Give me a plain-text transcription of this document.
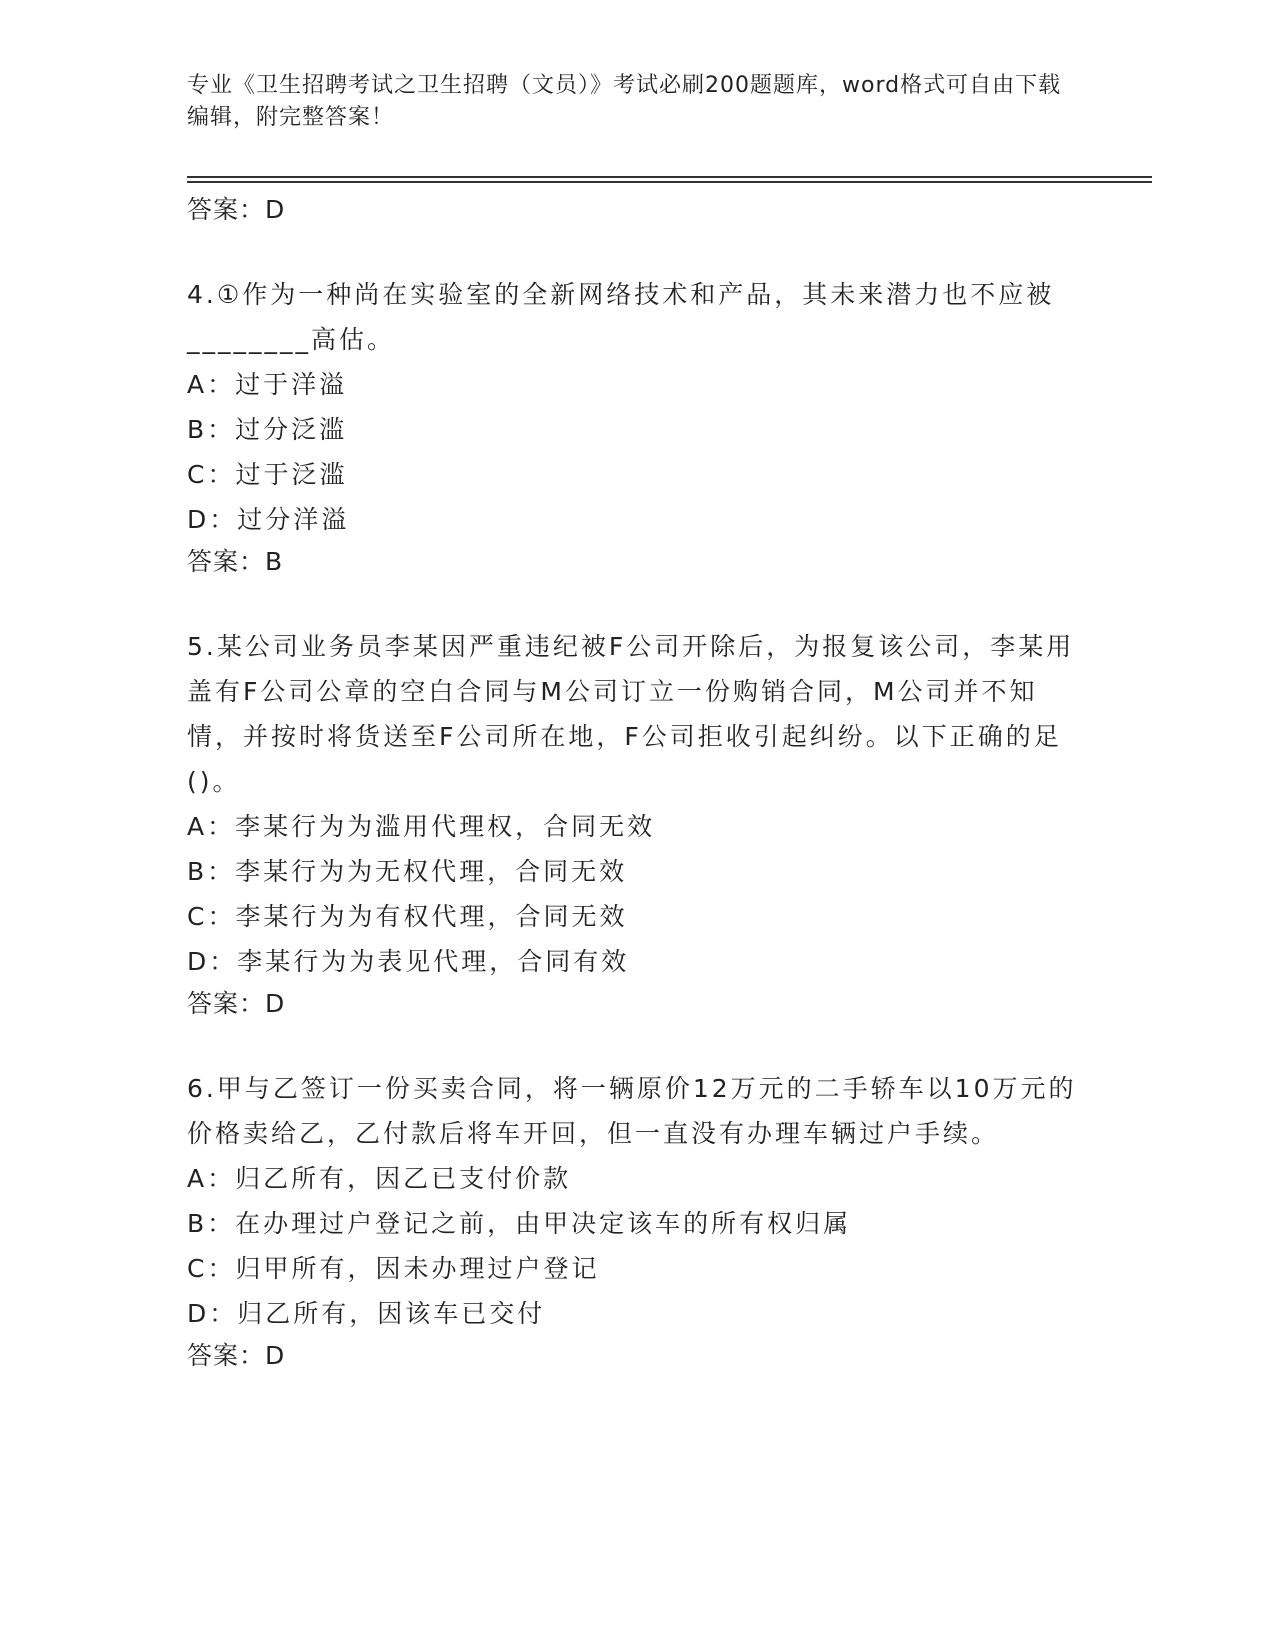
专业《卫生招聘考试之卫生招聘（文员）》考试必刷200题题库，word格式可自由下载编辑，附完整答案！
答案：D
4.①作为一种尚在实验室的全新网络技术和产品，其未来潜力也不应被________高估。
A：过于洋溢
B：过分泛滥
C：过于泛滥
D：过分洋溢
答案：B
5.某公司业务员李某因严重违纪被F公司开除后，为报复该公司，李某用盖有F公司公章的空白合同与M公司订立一份购销合同，M公司并不知情，并按时将货送至F公司所在地，F公司拒收引起纠纷。以下正确的足()。
A：李某行为为滥用代理权，合同无效
B：李某行为为无权代理，合同无效
C：李某行为为有权代理，合同无效
D：李某行为为表见代理，合同有效
答案：D
6.甲与乙签订一份买卖合同，将一辆原价12万元的二手轿车以10万元的价格卖给乙，乙付款后将车开回，但一直没有办理车辆过户手续。
A：归乙所有，因乙已支付价款
B：在办理过户登记之前，由甲决定该车的所有权归属
C：归甲所有，因未办理过户登记
D：归乙所有，因该车已交付
答案：D
